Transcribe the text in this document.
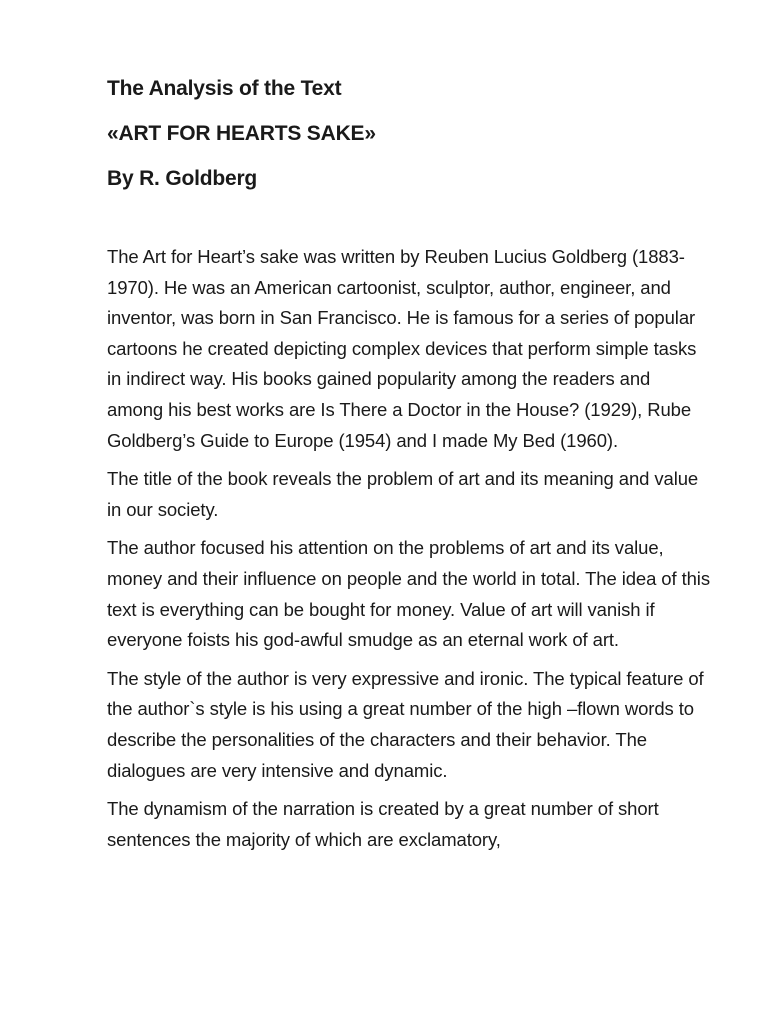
The Analysis of the Text
«ART FOR HEARTS SAKE»
By R. Goldberg

The Art for Heart’s sake was written by Reuben Lucius Goldberg (1883-1970). He was an American cartoonist, sculptor, author, engineer, and inventor, was born in San Francisco. He is famous for a series of popular cartoons he created depicting complex devices that perform simple tasks in indirect way. His books gained popularity among the readers and among his best works are Is There a Doctor in the House? (1929), Rube Goldberg’s Guide to Europe (1954) and I made My Bed (1960).

The title of the book reveals the problem of art and its meaning and value in our society.

The author focused his attention on the problems of art and its value, money and their influence on people and the world in total. The idea of this text is everything can be bought for money. Value of art will vanish if everyone foists his god-awful smudge as an eternal work of art.

The style of the author is very expressive and ironic. The typical feature of the author`s style is his using a great number of the high –flown words to describe the personalities of the characters and their behavior. The dialogues are very intensive and dynamic.

The dynamism of the narration is created by a great number of short sentences the majority of which are exclamatory,
